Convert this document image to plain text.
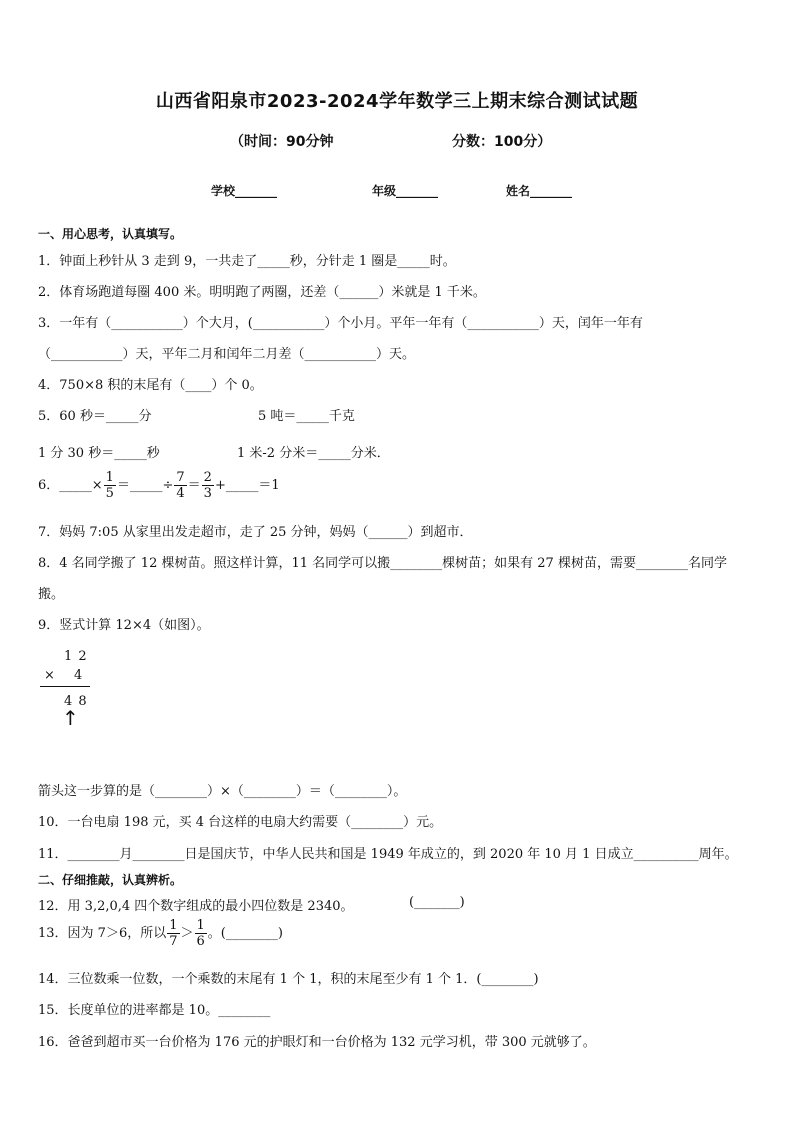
山西省阳泉市2023-2024学年数学三上期末综合测试试题
（时间：90分钟	分数：100分）
学校_______	年级_______	姓名_______
一、用心思考，认真填写。
1．钟面上秒针从 3 走到 9，一共走了_____秒，分针走 1 圈是_____时。
2．体育场跑道每圈 400 米。明明跑了两圈，还差（______）米就是 1 千米。
3．一年有（___________）个大月，(___________）个小月。平年一年有（___________）天，闰年一年有
（___________）天，平年二月和闰年二月差（___________）天。
4．750×8 积的末尾有（____）个 0。
5．60 秒＝_____分	5 吨＝_____千克
1 分 30 秒＝_____秒	1 米-2 分米＝_____分米．
6．_____× $\frac{1}{5}$ ＝_____÷ $\frac{7}{4} = \frac{2}{3}$ +_____＝1
7．妈妈 7:05 从家里出发走超市，走了 25 分钟，妈妈（______）到超市．
8．4 名同学搬了 12 棵树苗。照这样计算，11 名同学可以搬________棵树苗；如果有 27 棵树苗，需要________名同学
搬。
9．竖式计算 12×4（如图）。
1 2
× 4
4 8
↑
箭头这一步算的是（________）×（________）＝（________）。
10．一台电扇 198 元，买 4 台这样的电扇大约需要（________）元。
11．________月________日是国庆节，中华人民共和国是 1949 年成立的，到 2020 年 10 月 1 日成立__________周年。
二、仔细推敲，认真辨析。
12．用 3,2,0,4 四个数字组成的最小四位数是 2340。	(_______)
13．因为 7＞6，所以 $\frac{1}{7} > \frac{1}{6}$ 。(________)
14．三位数乘一位数，一个乘数的末尾有 1 个 1，积的末尾至少有 1 个 1．(________)
15．长度单位的进率都是 10。________
16．爸爸到超市买一台价格为 176 元的护眼灯和一台价格为 132 元学习机，带 300 元就够了。
